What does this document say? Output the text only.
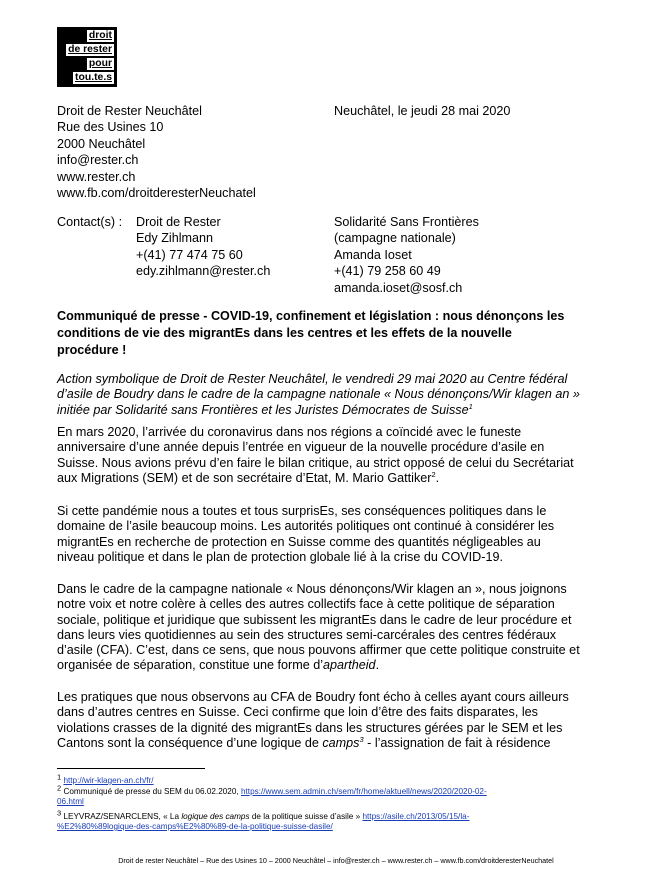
droit
de rester
pour
tou.te.s
Droit de Rester Neuchâtel
Rue des Usines 10
2000 Neuchâtel
info@rester.ch
www.rester.ch
www.fb.com/droitderesterNeuchatel
Neuchâtel, le jeudi 28 mai 2020
Contact(s) : Droit de Rester
Edy Zihlmann
+(41) 77 474 75 60
edy.zihlmann@rester.ch
Solidarité Sans Frontières
(campagne nationale)
Amanda Ioset
+(41) 79 258 60 49
amanda.ioset@sosf.ch

Communiqué de presse - COVID-19, confinement et législation : nous dénonçons les

conditions de vie des migrantEs dans les centres et les effets de la nouvelle

procédure !

Action symbolique de Droit de Rester Neuchâtel, le vendredi 29 mai 2020 au Centre fédéral

d’asile de Boudry dans le cadre de la campagne nationale « Nous dénonçons/Wir klagen an »

initiée par Solidarité sans Frontières et les Juristes Démocrates de Suisse$^1$

En mars 2020, l’arrivée du coronavirus dans nos régions a coïncidé avec le funeste

anniversaire d’une année depuis l’entrée en vigueur de la nouvelle procédure d’asile en

Suisse. Nous avions prévu d’en faire le bilan critique, au strict opposé de celui du Secrétariat

aux Migrations (SEM) et de son secrétaire d’Etat, M. Mario Gattiker$^2$.

Si cette pandémie nous a toutes et tous surprisEs, ses conséquences politiques dans le

domaine de l’asile beaucoup moins. Les autorités politiques ont continué à considérer les

migrantEs en recherche de protection en Suisse comme des quantités négligeables au

niveau politique et dans le plan de protection globale lié à la crise du COVID-19.

Dans le cadre de la campagne nationale « Nous dénonçons/Wir klagen an », nous joignons

notre voix et notre colère à celles des autres collectifs face à cette politique de séparation

sociale, politique et juridique que subissent les migrantEs dans le cadre de leur procédure et

dans leurs vies quotidiennes au sein des structures semi-carcérales des centres fédéraux

d’asile (CFA). C’est, dans ce sens, que nous pouvons affirmer que cette politique construite et

organisée de séparation, constitue une forme d’apartheid.

Les pratiques que nous observons au CFA de Boudry font écho à celles ayant cours ailleurs

dans d’autres centres en Suisse. Ceci confirme que loin d’être des faits disparates, les

violations crasses de la dignité des migrantEs dans les structures gérées par le SEM et les

Cantons sont la conséquence d’une logique de camps$^3$ - l’assignation de fait à résidence

$^1$ http://wir-klagen-an.ch/fr/
$^2$ Communiqué de presse du SEM du 06.02.2020, https://www.sem.admin.ch/sem/fr/home/aktuell/news/2020/2020-02-
06.html
$^3$ LEYVRAZ/SENARCLENS, « La logique des camps de la politique suisse d’asile » https://asile.ch/2013/05/15/la-
%E2%80%89logique-des-camps%E2%80%89-de-la-politique-suisse-dasile/
Droit de rester Neuchâtel – Rue des Usines 10 – 2000 Neuchâtel – info@rester.ch – www.rester.ch – www.fb.com/droitderesterNeuchatel
